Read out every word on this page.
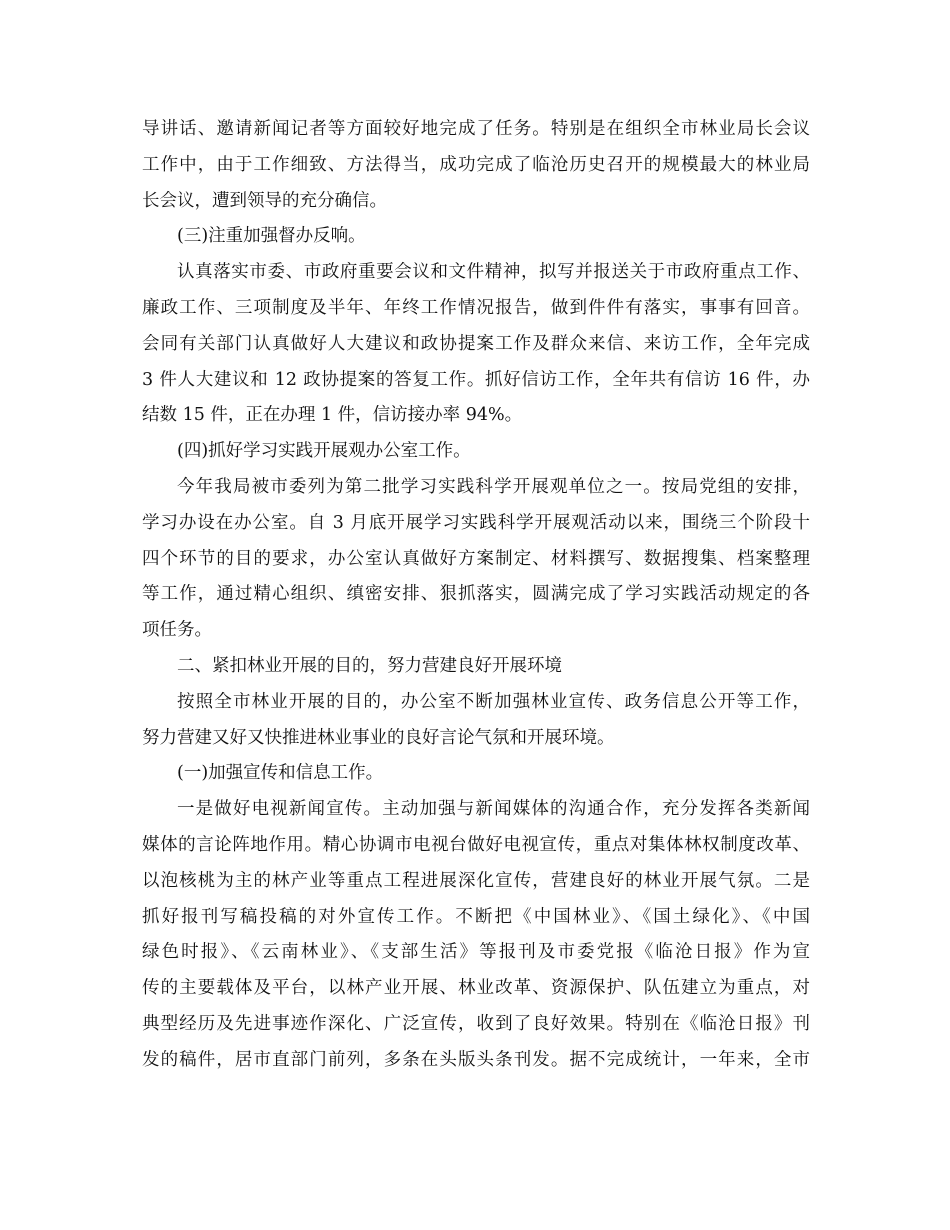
导讲话、邀请新闻记者等方面较好地完成了任务。特别是在组织全市林业局长会议
工作中，由于工作细致、方法得当，成功完成了临沧历史召开的规模最大的林业局
长会议，遭到领导的充分确信。
(三)注重加强督办反响。
认真落实市委、市政府重要会议和文件精神，拟写并报送关于市政府重点工作、
廉政工作、三项制度及半年、年终工作情况报告，做到件件有落实，事事有回音。
会同有关部门认真做好人大建议和政协提案工作及群众来信、来访工作，全年完成
3 件人大建议和 12 政协提案的答复工作。抓好信访工作，全年共有信访 16 件，办
结数 15 件，正在办理 1 件，信访接办率 94%。
(四)抓好学习实践开展观办公室工作。
今年我局被市委列为第二批学习实践科学开展观单位之一。按局党组的安排，
学习办设在办公室。自 3 月底开展学习实践科学开展观活动以来，围绕三个阶段十
四个环节的目的要求，办公室认真做好方案制定、材料撰写、数据搜集、档案整理
等工作，通过精心组织、缜密安排、狠抓落实，圆满完成了学习实践活动规定的各
项任务。
二、紧扣林业开展的目的，努力营建良好开展环境
按照全市林业开展的目的，办公室不断加强林业宣传、政务信息公开等工作，
努力营建又好又快推进林业事业的良好言论气氛和开展环境。
(一)加强宣传和信息工作。
一是做好电视新闻宣传。主动加强与新闻媒体的沟通合作，充分发挥各类新闻
媒体的言论阵地作用。精心协调市电视台做好电视宣传，重点对集体林权制度改革、
以泡核桃为主的林产业等重点工程进展深化宣传，营建良好的林业开展气氛。二是
抓好报刊写稿投稿的对外宣传工作。不断把《中国林业》、《国土绿化》、《中国
绿色时报》、《云南林业》、《支部生活》等报刊及市委党报《临沧日报》作为宣
传的主要载体及平台，以林产业开展、林业改革、资源保护、队伍建立为重点，对
典型经历及先进事迹作深化、广泛宣传，收到了良好效果。特别在《临沧日报》刊
发的稿件，居市直部门前列，多条在头版头条刊发。据不完成统计，一年来，全市
